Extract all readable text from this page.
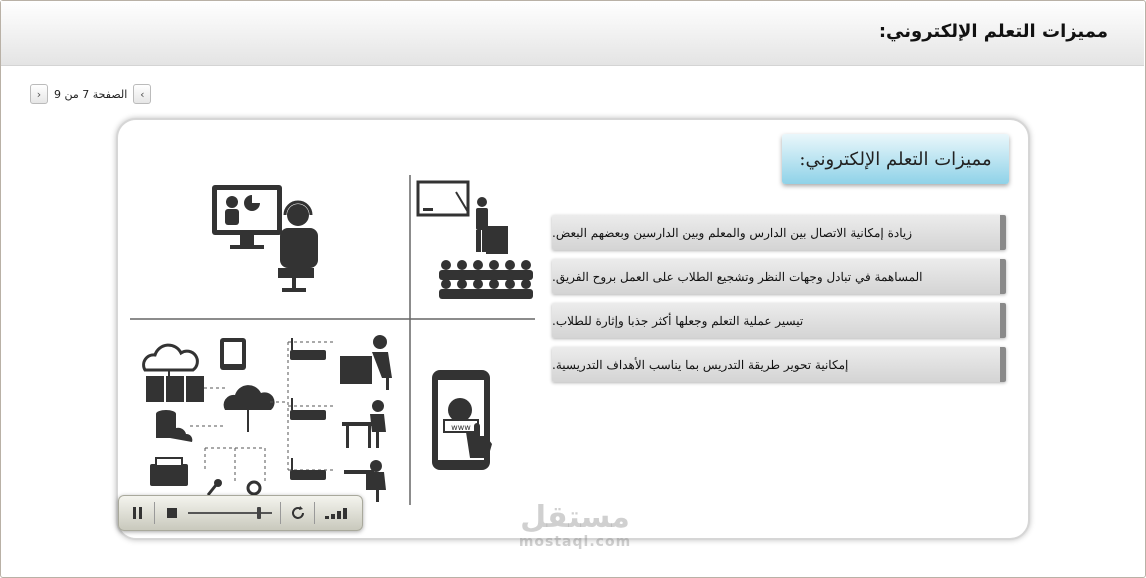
مميزات التعلم الإلكتروني:
› الصفحة 7 من 9 ‹
مميزات التعلم الإلكتروني:
زيادة إمكانية الاتصال بين الدارس والمعلم وبين الدارسين وبعضهم البعض.
المساهمة في تبادل وجهات النظر وتشجيع الطلاب على العمل بروح الفريق.
تيسير عملية التعلم وجعلها أكثر جذبا وإثارة للطلاب.
إمكانية تحوير طريقة التدريس بما يناسب الأهداف التدريسية.
www
مستقل
mostaql.com
